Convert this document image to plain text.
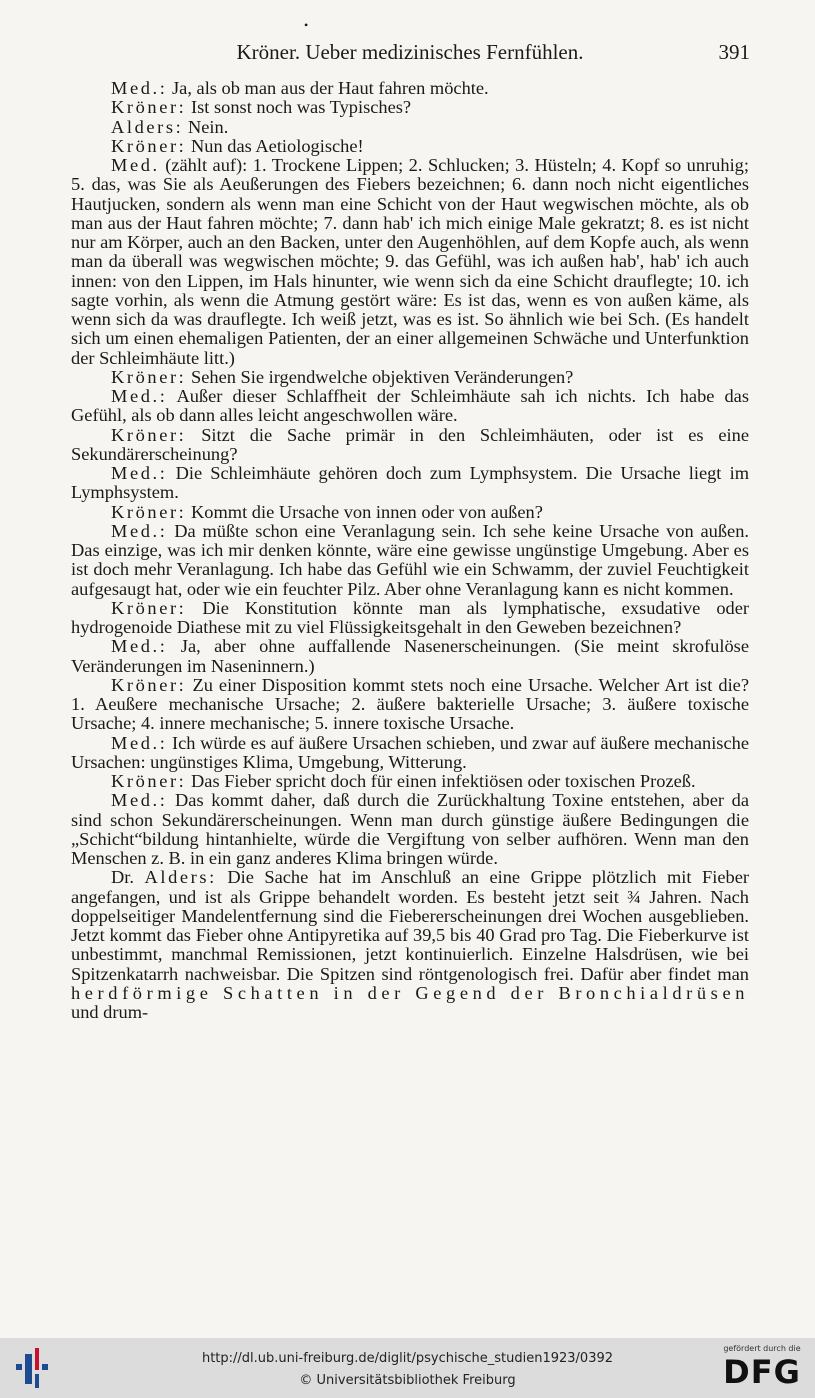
•
Kröner. Ueber medizinisches Fernfühlen.	391

Med.: Ja, als ob man aus der Haut fahren möchte.

Kröner: Ist sonst noch was Typisches?

Alders: Nein.

Kröner: Nun das Aetiologische!

Med. (zählt auf): 1. Trockene Lippen; 2. Schlucken; 3. Hüsteln; 4. Kopf so unruhig; 5. das, was Sie als Aeußerungen des Fiebers bezeichnen; 6. dann noch nicht eigentliches Hautjucken, sondern als wenn man eine Schicht von der Haut wegwischen möchte, als ob man aus der Haut fahren möchte; 7. dann hab' ich mich einige Male gekratzt; 8. es ist nicht nur am Körper, auch an den Backen, unter den Augenhöhlen, auf dem Kopfe auch, als wenn man da überall was wegwischen möchte; 9. das Gefühl, was ich außen hab', hab' ich auch innen: von den Lippen, im Hals hinunter, wie wenn sich da eine Schicht drauflegte; 10. ich sagte vorhin, als wenn die Atmung gestört wäre: Es ist das, wenn es von außen käme, als wenn sich da was drauflegte. Ich weiß jetzt, was es ist. So ähnlich wie bei Sch. (Es handelt sich um einen ehemaligen Patienten, der an einer allgemeinen Schwäche und Unterfunktion der Schleimhäute litt.)

Kröner: Sehen Sie irgendwelche objektiven Veränderungen?

Med.: Außer dieser Schlaffheit der Schleimhäute sah ich nichts. Ich habe das Gefühl, als ob dann alles leicht angeschwollen wäre.

Kröner: Sitzt die Sache primär in den Schleimhäuten, oder ist es eine Sekundärerscheinung?

Med.: Die Schleimhäute gehören doch zum Lymphsystem. Die Ursache liegt im Lymphsystem.

Kröner: Kommt die Ursache von innen oder von außen?

Med.: Da müßte schon eine Veranlagung sein. Ich sehe keine Ursache von außen. Das einzige, was ich mir denken könnte, wäre eine gewisse ungünstige Umgebung. Aber es ist doch mehr Veranlagung. Ich habe das Gefühl wie ein Schwamm, der zuviel Feuchtigkeit aufgesaugt hat, oder wie ein feuchter Pilz. Aber ohne Veranlagung kann es nicht kommen.

Kröner: Die Konstitution könnte man als lymphatische, exsudative oder hydrogenoide Diathese mit zu viel Flüssigkeitsgehalt in den Geweben bezeichnen?

Med.: Ja, aber ohne auffallende Nasenerscheinungen. (Sie meint skrofulöse Veränderungen im Naseninnern.)

Kröner: Zu einer Disposition kommt stets noch eine Ursache. Welcher Art ist die? 1. Aeußere mechanische Ursache; 2. äußere bakterielle Ursache; 3. äußere toxische Ursache; 4. innere mechanische; 5. innere toxische Ursache.

Med.: Ich würde es auf äußere Ursachen schieben, und zwar auf äußere mechanische Ursachen: ungünstiges Klima, Umgebung, Witterung.

Kröner: Das Fieber spricht doch für einen infektiösen oder toxischen Prozeß.

Med.: Das kommt daher, daß durch die Zurückhaltung Toxine entstehen, aber da sind schon Sekundärerscheinungen. Wenn man durch günstige äußere Bedingungen die „Schicht“bildung hintanhielte, würde die Vergiftung von selber aufhören. Wenn man den Menschen z. B. in ein ganz anderes Klima bringen würde.

Dr. Alders: Die Sache hat im Anschluß an eine Grippe plötzlich mit Fieber angefangen, und ist als Grippe behandelt worden. Es besteht jetzt seit ¾ Jahren. Nach doppelseitiger Mandelentfernung sind die Fiebererscheinungen drei Wochen ausgeblieben. Jetzt kommt das Fieber ohne Antipyretika auf 39,5 bis 40 Grad pro Tag. Die Fieberkurve ist unbestimmt, manchmal Remissionen, jetzt kontinuierlich. Einzelne Halsdrüsen, wie bei Spitzenkatarrh nachweisbar. Die Spitzen sind röntgenologisch frei. Dafür aber findet man herdförmige Schatten in der Gegend der Bronchialdrüsen und drum-

http://dl.ub.uni-freiburg.de/diglit/psychische_studien1923/0392
© Universitätsbibliothek Freiburg
gefördert durch die
DFG
